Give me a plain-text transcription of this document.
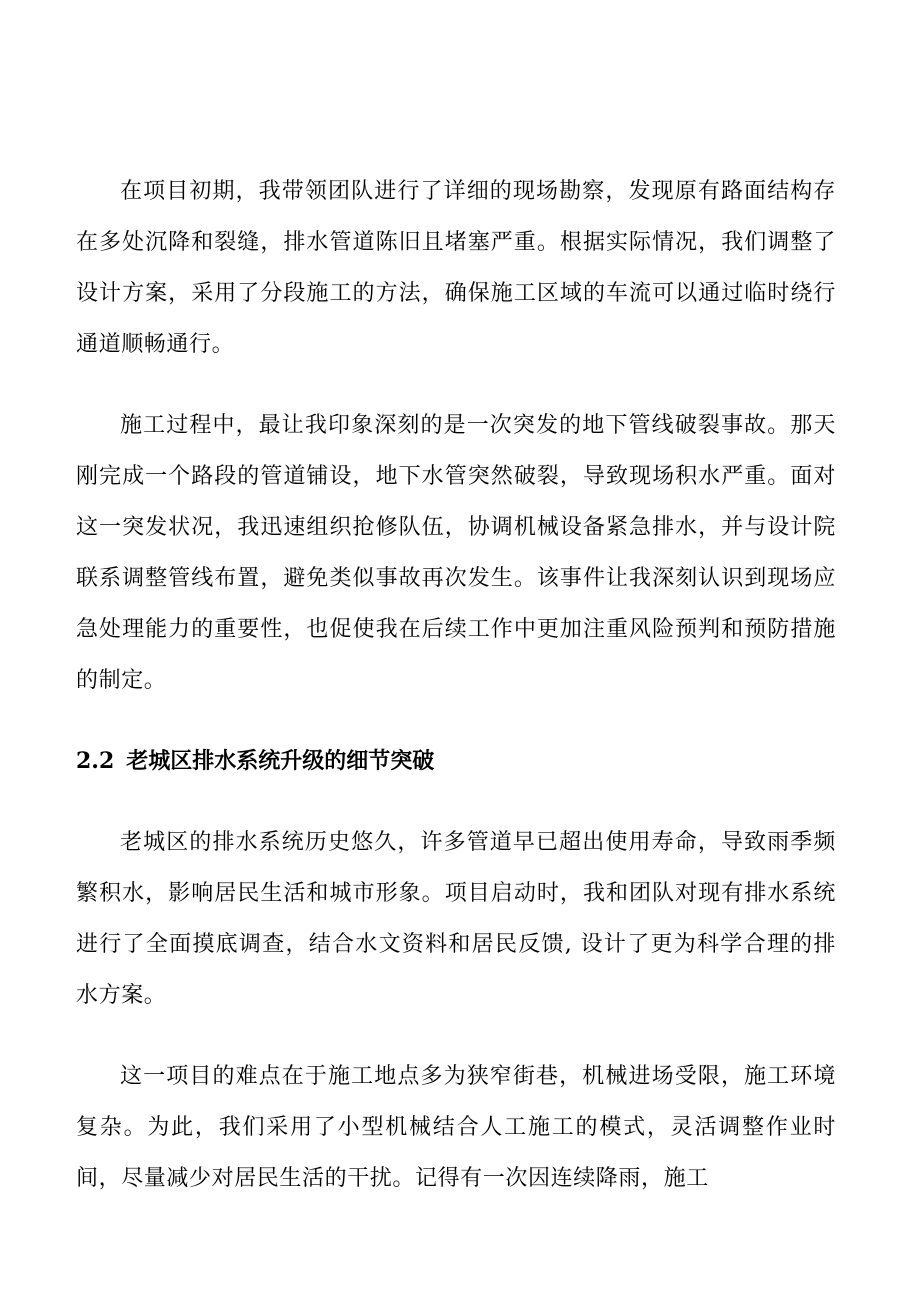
在项目初期，我带领团队进行了详细的现场勘察，发现原有路面结构存在多处沉降和裂缝，排水管道陈旧且堵塞严重。根据实际情况，我们调整了设计方案，采用了分段施工的方法，确保施工区域的车流可以通过临时绕行通道顺畅通行。

施工过程中，最让我印象深刻的是一次突发的地下管线破裂事故。那天刚完成一个路段的管道铺设，地下水管突然破裂，导致现场积水严重。面对这一突发状况，我迅速组织抢修队伍，协调机械设备紧急排水，并与设计院联系调整管线布置，避免类似事故再次发生。该事件让我深刻认识到现场应急处理能力的重要性，也促使我在后续工作中更加注重风险预判和预防措施的制定。

2.2 老城区排水系统升级的细节突破

老城区的排水系统历史悠久，许多管道早已超出使用寿命，导致雨季频繁积水，影响居民生活和城市形象。项目启动时，我和团队对现有排水系统进行了全面摸底调查，结合水文资料和居民反馈, 设计了更为科学合理的排水方案。

这一项目的难点在于施工地点多为狭窄街巷，机械进场受限，施工环境复杂。为此，我们采用了小型机械结合人工施工的模式，灵活调整作业时间，尽量减少对居民生活的干扰。记得有一次因连续降雨，施工
